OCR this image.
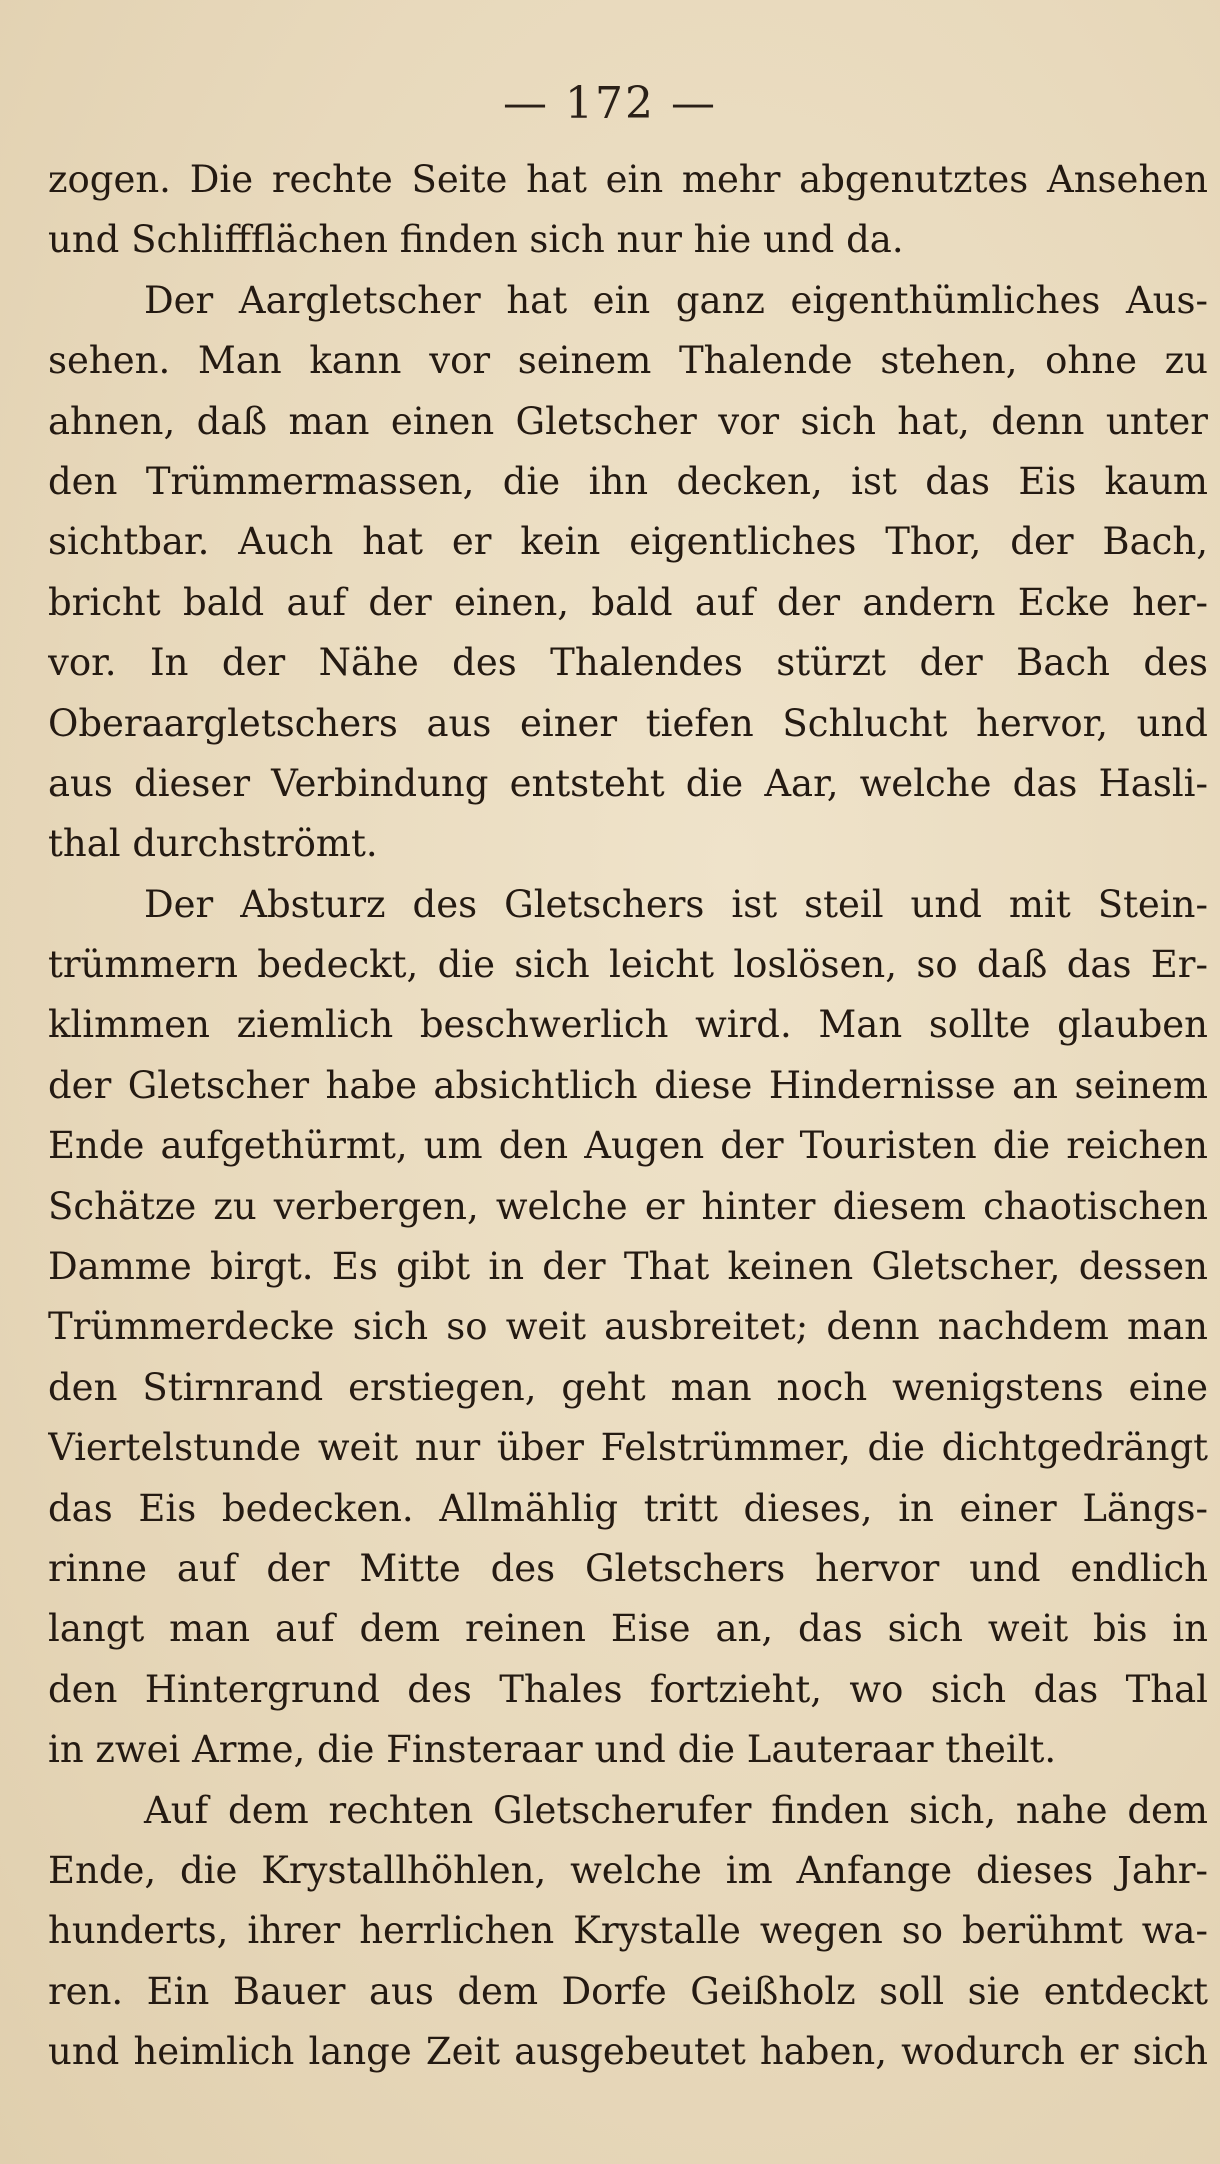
— 172 —
zogen. Die rechte Seite hat ein mehr abgenutztes Ansehen
und Schliffflächen finden sich nur hie und da.
Der Aargletscher hat ein ganz eigenthümliches Aus-
sehen. Man kann vor seinem Thalende stehen, ohne zu
ahnen, daß man einen Gletscher vor sich hat, denn unter
den Trümmermassen, die ihn decken, ist das Eis kaum
sichtbar. Auch hat er kein eigentliches Thor, der Bach,
bricht bald auf der einen, bald auf der andern Ecke her-
vor. In der Nähe des Thalendes stürzt der Bach des
Oberaargletschers aus einer tiefen Schlucht hervor, und
aus dieser Verbindung entsteht die Aar, welche das Hasli-
thal durchströmt.
Der Absturz des Gletschers ist steil und mit Stein-
trümmern bedeckt, die sich leicht loslösen, so daß das Er-
klimmen ziemlich beschwerlich wird. Man sollte glauben
der Gletscher habe absichtlich diese Hindernisse an seinem
Ende aufgethürmt, um den Augen der Touristen die reichen
Schätze zu verbergen, welche er hinter diesem chaotischen
Damme birgt. Es gibt in der That keinen Gletscher, dessen
Trümmerdecke sich so weit ausbreitet; denn nachdem man
den Stirnrand erstiegen, geht man noch wenigstens eine
Viertelstunde weit nur über Felstrümmer, die dichtgedrängt
das Eis bedecken. Allmählig tritt dieses, in einer Längs-
rinne auf der Mitte des Gletschers hervor und endlich
langt man auf dem reinen Eise an, das sich weit bis in
den Hintergrund des Thales fortzieht, wo sich das Thal
in zwei Arme, die Finsteraar und die Lauteraar theilt.
Auf dem rechten Gletscherufer finden sich, nahe dem
Ende, die Krystallhöhlen, welche im Anfange dieses Jahr-
hunderts, ihrer herrlichen Krystalle wegen so berühmt wa-
ren. Ein Bauer aus dem Dorfe Geißholz soll sie entdeckt
und heimlich lange Zeit ausgebeutet haben, wodurch er sich
